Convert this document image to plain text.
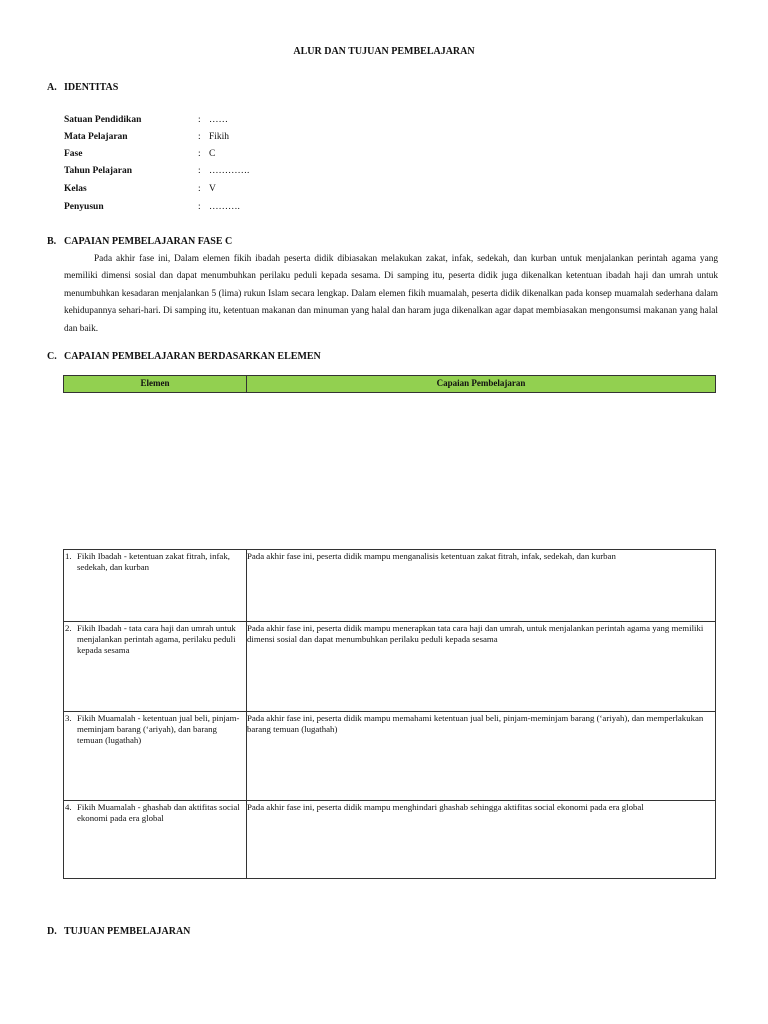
ALUR DAN TUJUAN PEMBELAJARAN
A. IDENTITAS
Satuan Pendidikan	: ……
Mata Pelajaran	: Fikih
Fase	: C
Tahun Pelajaran	: ………….
Kelas	: V
Penyusun	: ……….
B. CAPAIAN PEMBELAJARAN FASE C
Pada akhir fase ini, Dalam elemen fikih ibadah peserta didik dibiasakan melakukan zakat, infak, sedekah, dan kurban untuk menjalankan perintah agama yang memiliki dimensi sosial dan dapat menumbuhkan perilaku peduli kepada sesama. Di samping itu, peserta didik juga dikenalkan ketentuan ibadah haji dan umrah untuk menumbuhkan kesadaran menjalankan 5 (lima) rukun Islam secara lengkap. Dalam elemen fikih muamalah, peserta didik dikenalkan pada konsep muamalah sederhana dalam kehidupannya sehari-hari. Di samping itu, ketentuan makanan dan minuman yang halal dan haram juga dikenalkan agar dapat membiasakan mengonsumsi makanan yang halal dan baik.
C. CAPAIAN PEMBELAJARAN BERDASARKAN ELEMEN
Elemen	Capaian Pembelajaran
1. Fikih Ibadah - ketentuan zakat fitrah, infak, sedekah, dan kurban	Pada akhir fase ini, peserta didik mampu menganalisis ketentuan zakat fitrah, infak, sedekah, dan kurban

2. Fikih Ibadah - tata cara haji dan umrah untuk menjalankan perintah agama, perilaku peduli kepada sesama	Pada akhir fase ini, peserta didik mampu menerapkan tata cara haji dan umrah, untuk menjalankan perintah agama yang memiliki dimensi sosial dan dapat menumbuhkan perilaku peduli kepada sesama

3. Fikih Muamalah - ketentuan jual beli, pinjam-meminjam barang (‘ariyah), dan barang temuan (lugathah)	Pada akhir fase ini, peserta didik mampu memahami ketentuan jual beli, pinjam-meminjam barang (‘ariyah), dan memperlakukan barang temuan (lugathah)

4. Fikih Muamalah - ghashab dan aktifitas social ekonomi pada era global	Pada akhir fase ini, peserta didik mampu menghindari ghashab sehingga aktifitas social ekonomi pada era global
D. TUJUAN PEMBELAJARAN
